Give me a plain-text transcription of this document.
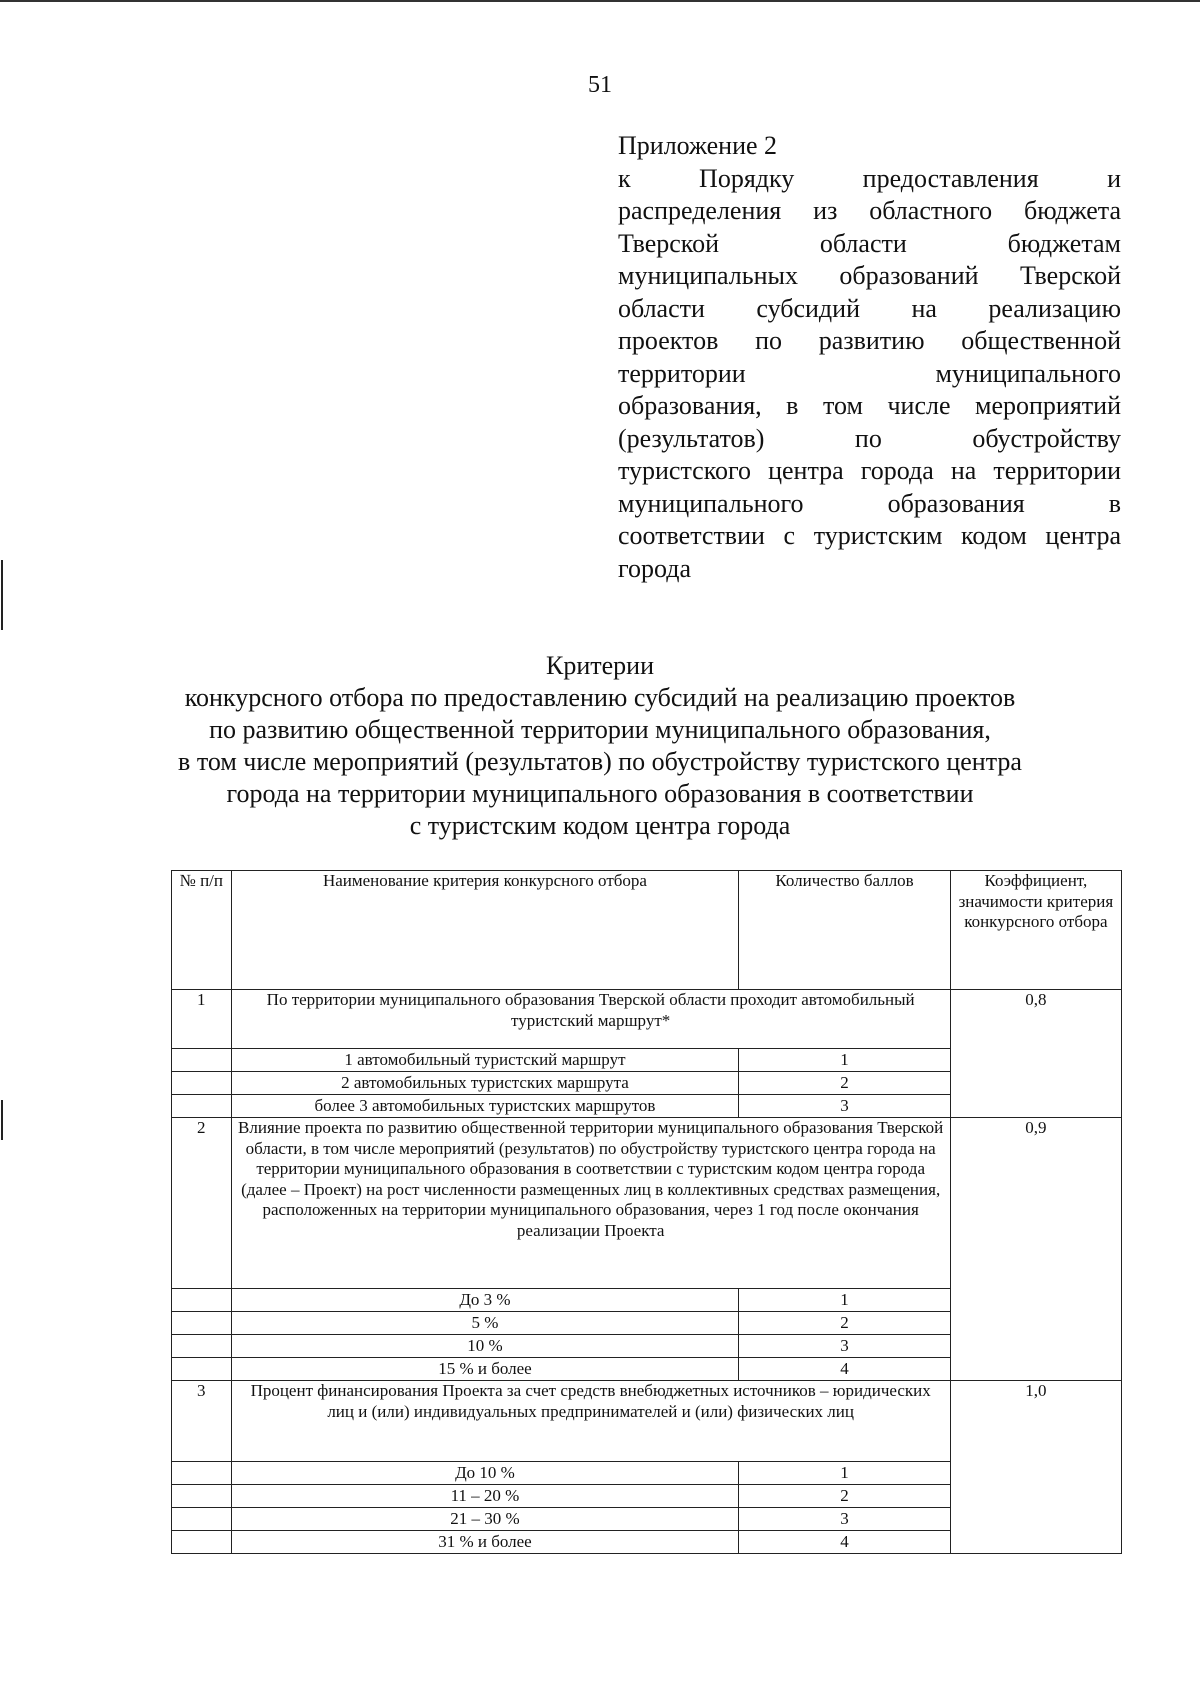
51
Приложение 2
к Порядку предоставления и
распределения из областного бюджета
Тверской области бюджетам
муниципальных образований Тверской
области субсидий на реализацию
проектов по развитию общественной
территории муниципального
образования, в том числе мероприятий
(результатов) по обустройству
туристского центра города на территории
муниципального образования в
соответствии с туристским кодом центра
города
Критерии
конкурсного отбора по предоставлению субсидий на реализацию проектов
по развитию общественной территории муниципального образования,
в том числе мероприятий (результатов) по обустройству туристского центра
города на территории муниципального образования в соответствии
с туристским кодом центра города
№ п/п	Наименование критерия конкурсного отбора	Количество баллов	Коэффициент, значимости критерия конкурсного отбора
1	По территории муниципального образования Тверской области проходит автомобильный туристский маршрут*		0,8
	1 автомобильный туристский маршрут	1	
	2 автомобильных туристских маршрута	2	
	более 3 автомобильных туристских маршрутов	3	
2	Влияние проекта по развитию общественной территории муниципального образования Тверской области, в том числе мероприятий (результатов) по обустройству туристского центра города на территории муниципального образования в соответствии с туристским кодом центра города (далее – Проект) на рост численности размещенных лиц в коллективных средствах размещения, расположенных на территории муниципального образования, через 1 год после окончания реализации Проекта		0,9
	До 3 %	1	
	5 %	2	
	10 %	3	
	15 % и более	4	
3	Процент финансирования Проекта за счет средств внебюджетных источников – юридических лиц и (или) индивидуальных предпринимателей и (или) физических лиц		1,0
	До 10 %	1	
	11 – 20 %	2	
	21 – 30 %	3	
	31 % и более	4	
